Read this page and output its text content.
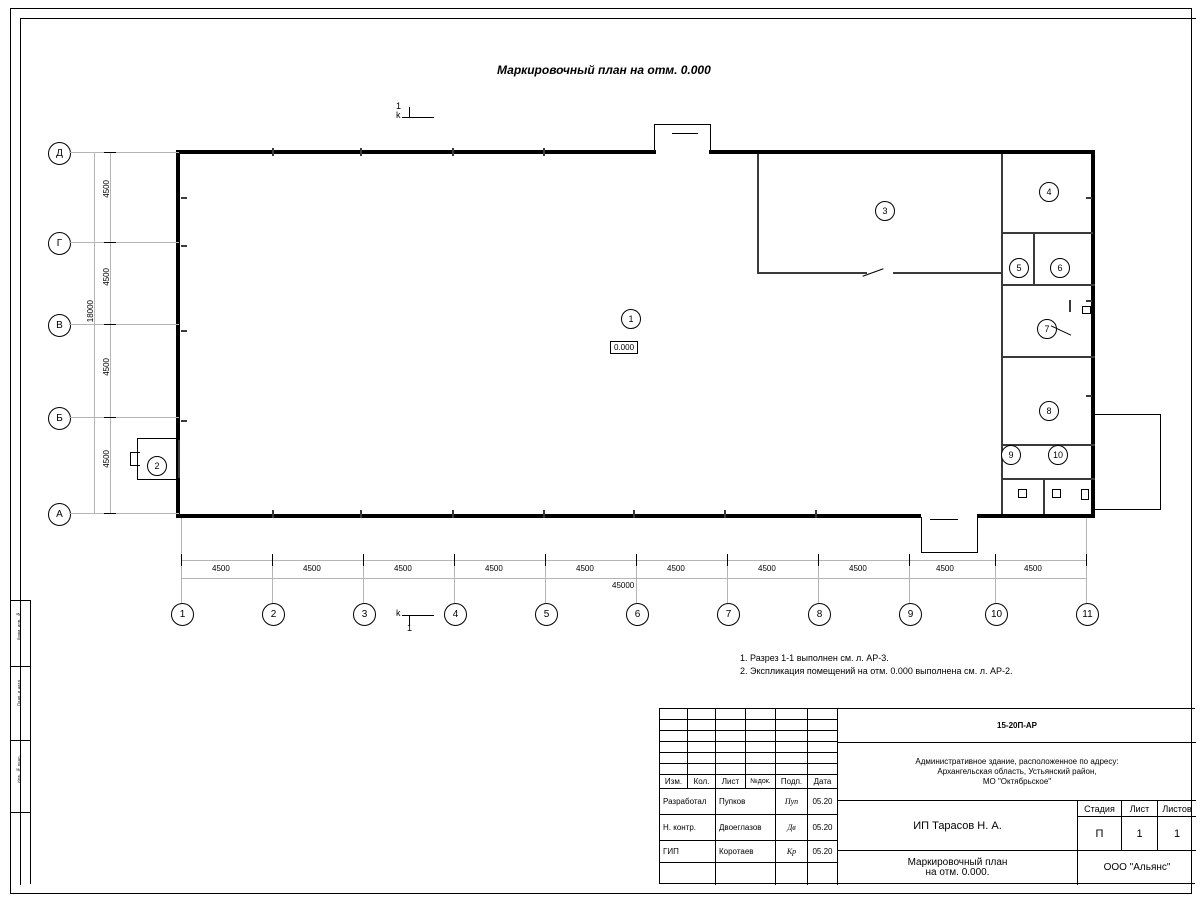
Взам. инв. №
Подп. и дата
Инв. № подл.
Маркировочный план на отм. 0.000
1
2
3
4
5	6
7
8
9	10
0.000
1
k
k
1
Д
Г
В
Б
А
4500
4500
4500
4500
18000
1	2	3	4	5	6	7	8	9	10	11
4500	4500	4500	4500	4500	4500	4500	4500	4500	4500
45000
1. Разрез 1-1 выполнен см. л. АР-3.
2. Экспликация помещений на отм. 0.000 выполнена см. л. АР-2.
Изм.	Кол.	Лист	№док.	Подп.	Дата
Разработал	Пупков	Пуп	05.20
Н. контр.	Двоеглазов	Дв	05.20
ГИП	Коротаев	Кр	05.20
15-20П-АР
Административное здание, расположенное по адресу:
Архангельская область, Устьянский район,
МО "Октябрьское"
ИП Тарасов Н. А.
Стадия	Лист	Листов
П	1	1
Маркировочный план
на отм. 0.000.	ООО "Альянс"
